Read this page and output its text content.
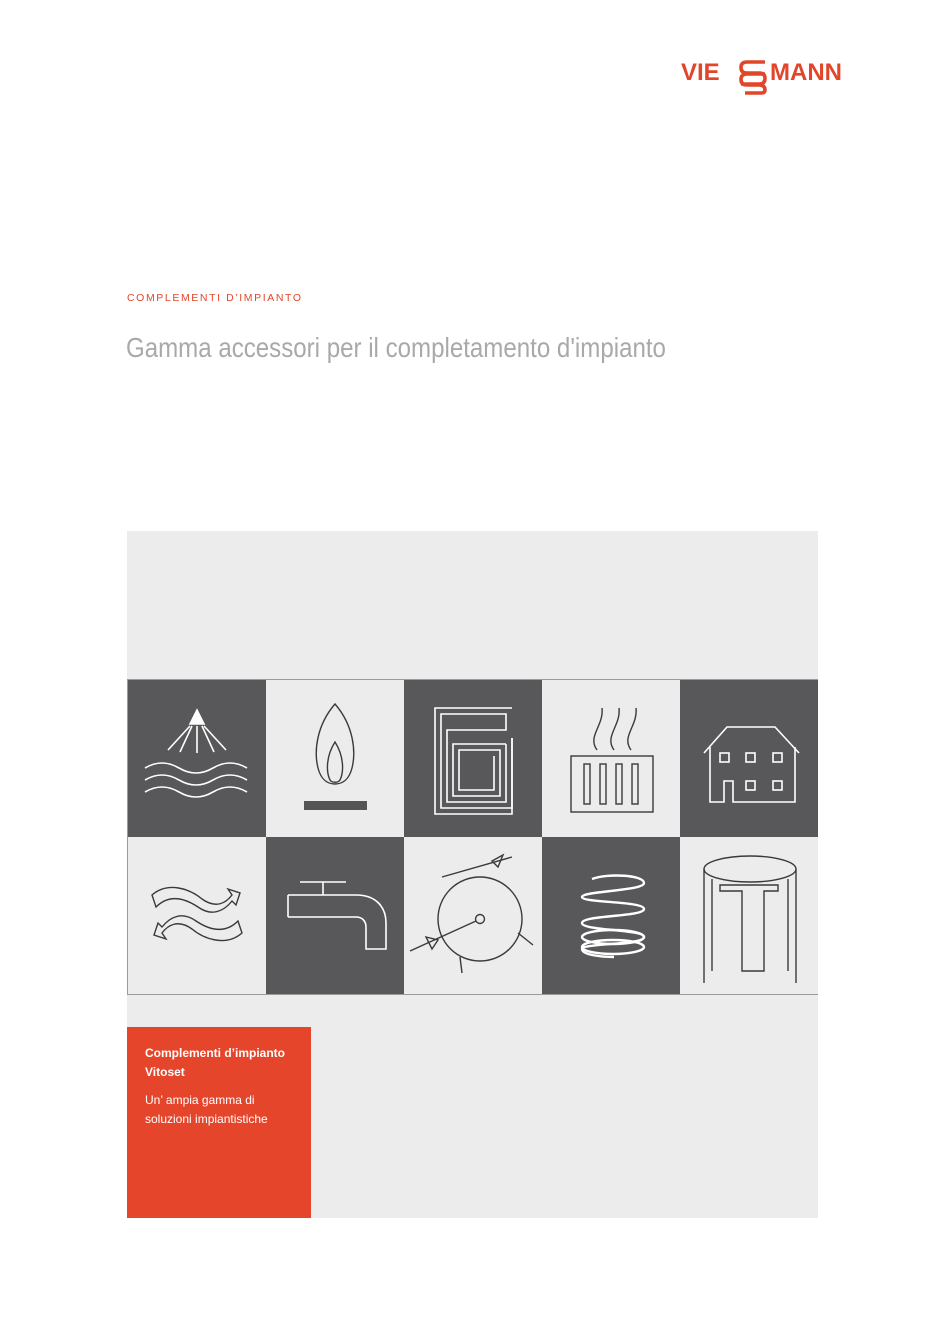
VIE MANN
COMPLEMENTI D’IMPIANTO
Gamma accessori per il completamento d'impianto
Complementi d’impianto
Vitoset
Un’ ampia gamma di
soluzioni impiantistiche
